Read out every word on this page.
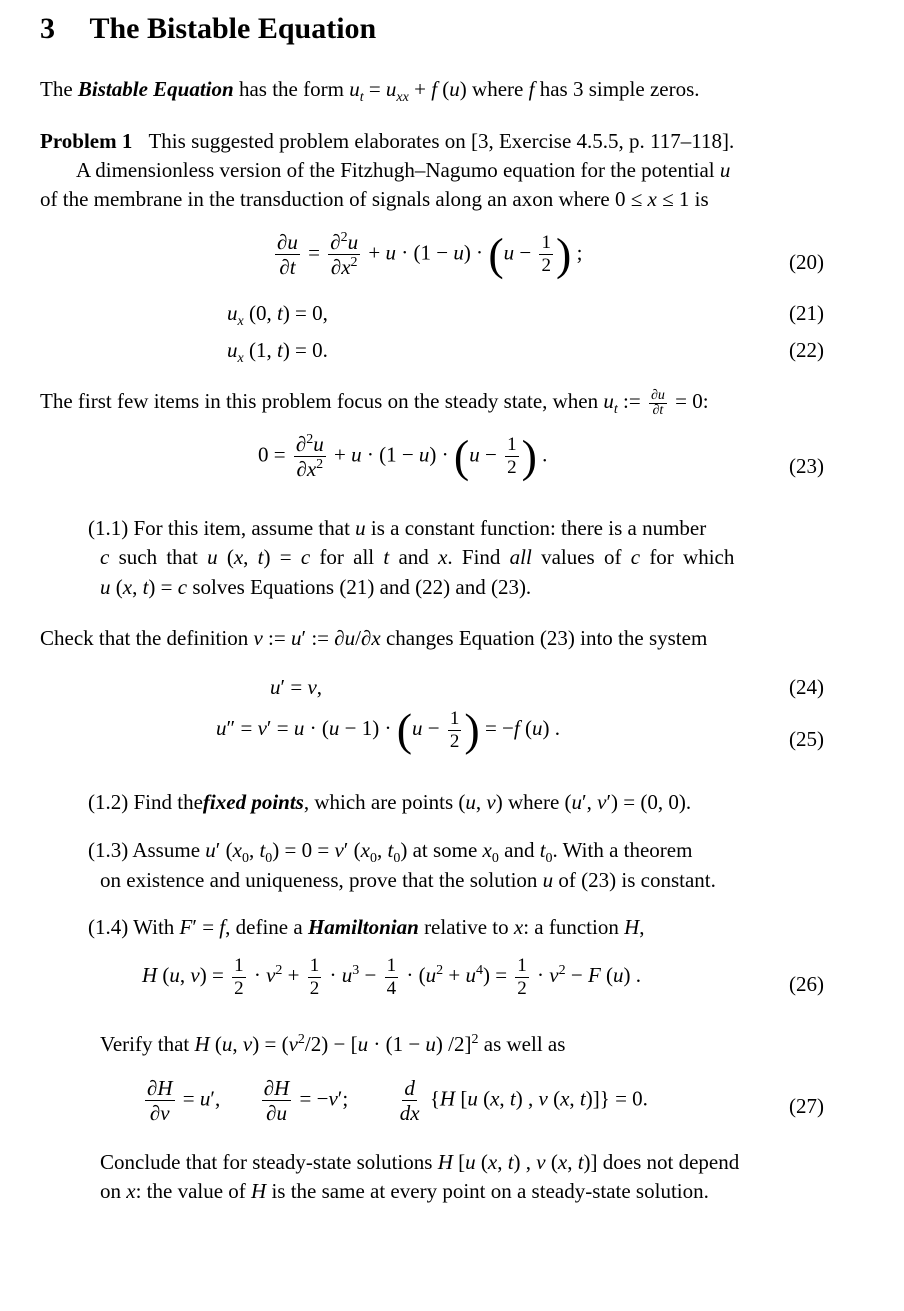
3 The Bistable Equation
The Bistable Equation has the form $u_t = u_{xx} + f$ (u) where f has 3 simple zeros.
Problem 1 This suggested problem elaborates on [3, Exercise 4.5.5, p. 117–118].
A dimensionless version of the Fitzhugh–Nagumo equation for the potential u
of the membrane in the transduction of signals along an axon where 0 ≤ x ≤ 1 is
$\frac{\partial u}{\partial t} = \frac{\partial^2u}{\partial x^2} + u \cdot (1 - u) \cdot (u - \frac{1}{2}$ ) ;	(20)
$u_x$ (0, t) = 0,	(21)
$u_x$ (1, t) = 0.	(22)
The first few items in this problem focus on the steady state, when $u_t$ := $\frac{\partial u}{\partial t} = 0$:
$0 = \frac{\partial^2u}{\partial x^2} + u \cdot (1 - u) \cdot (u - \frac{1}{2}$ ) .	(23)
(1.1) For this item, assume that u is a constant function: there is a number
c such that u (x, t) = c for all t and x. Find all values of c for which
u (x, t) = c solves Equations (21) and (22) and (23).
Check that the definition v := u′ := ∂u/∂x changes Equation (23) into the system
u′ = v,	(24)
$u'' = v' = u \cdot (u - 1) \cdot (u - \frac{1}{2}$ ) = −f (u) .	(25)
(1.2) Find thefixed points, which are points (u, v) where (u′, v′) = (0, 0).
(1.3) Assume u′ ($x_0$, $t_0) = 0 = v'$ ($x_0$, $t_0$) at some $x_0$ and $t_0$. With a theorem
on existence and uniqueness, prove that the solution u of (23) is constant.
(1.4) With F′ = f, define a Hamiltonian relative to x: a function H,
H (u, $v) = \frac{1}{2} \cdot v^2 + \frac{1}{2} \cdot u^3 - \frac{1}{4} \cdot (u^2 + u^4) = \frac{1}{2} \cdot v^2 - F$ (u) .	(26)
Verify that H (u, $v) = (v^2/2) - [u \cdot (1 - u)$ /2]$^2$ as well as
$\frac{\partial H}{\partial v} = u'$, $\frac{\partial H}{\partial u} = -v'$; $\frac{d}{dx} \{H$ [u (x, t) , v (x, t)]} = 0.	(27)
Conclude that for steady-state solutions H [u (x, t) , v (x, t)] does not depend
on x: the value of H is the same at every point on a steady-state solution.
